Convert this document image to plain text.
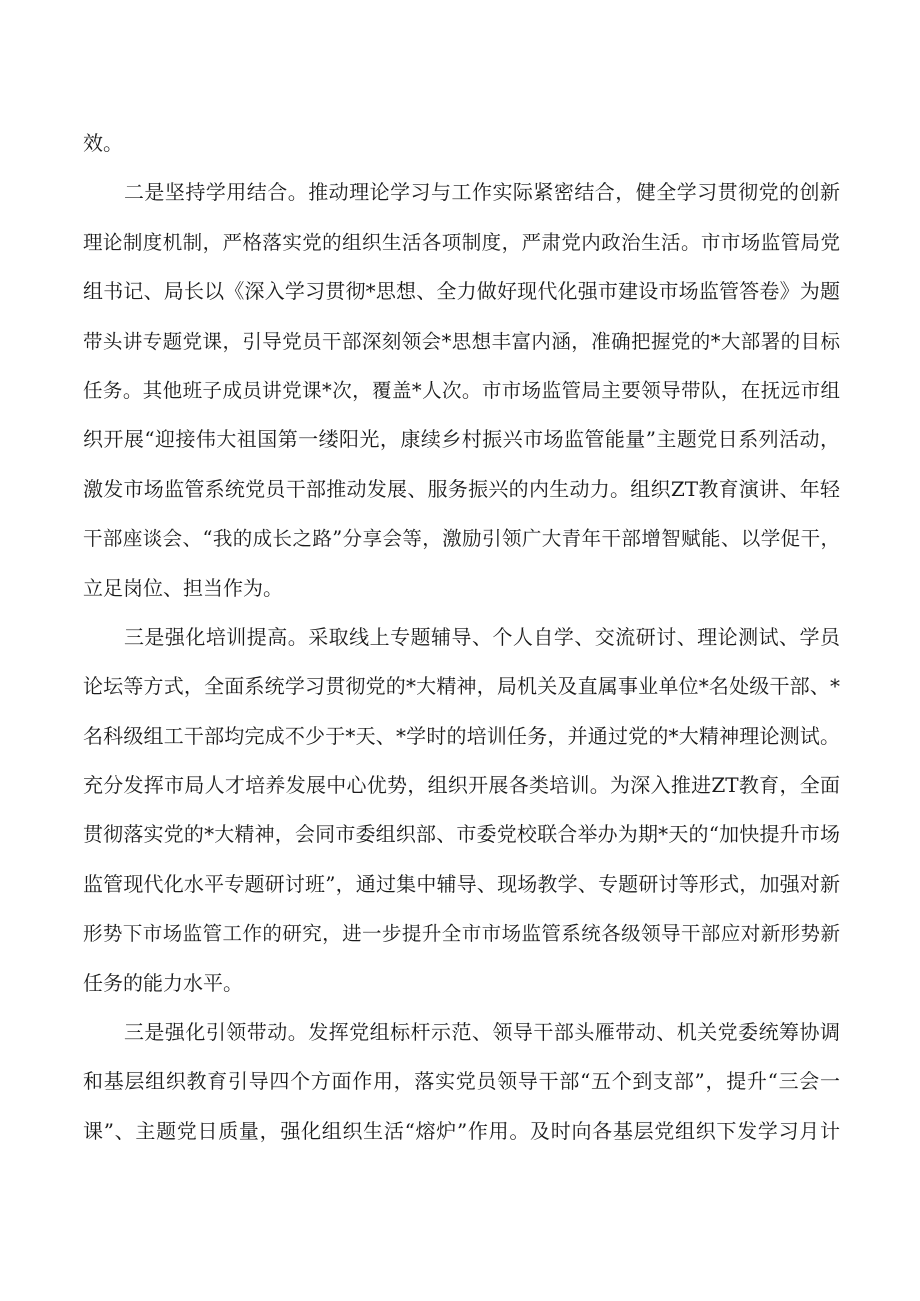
效。
　　二是坚持学用结合。推动理论学习与工作实际紧密结合，健全学习贯彻党的创新
理论制度机制，严格落实党的组织生活各项制度，严肃党内政治生活。市市场监管局党
组书记、局长以《深入学习贯彻*思想、全力做好现代化强市建设市场监管答卷》为题
带头讲专题党课，引导党员干部深刻领会*思想丰富内涵，准确把握党的*大部署的目标
任务。其他班子成员讲党课*次，覆盖*人次。市市场监管局主要领导带队，在抚远市组
织开展“迎接伟大祖国第一缕阳光，康续乡村振兴市场监管能量”主题党日系列活动，
激发市场监管系统党员干部推动发展、服务振兴的内生动力。组织ZT教育演讲、年轻
干部座谈会、“我的成长之路”分享会等，激励引领广大青年干部增智赋能、以学促干，
立足岗位、担当作为。
　　三是强化培训提高。采取线上专题辅导、个人自学、交流研讨、理论测试、学员
论坛等方式，全面系统学习贯彻党的*大精神，局机关及直属事业单位*名处级干部、*
名科级组工干部均完成不少于*天、*学时的培训任务，并通过党的*大精神理论测试。
充分发挥市局人才培养发展中心优势，组织开展各类培训。为深入推进ZT教育，全面
贯彻落实党的*大精神，会同市委组织部、市委党校联合举办为期*天的“加快提升市场
监管现代化水平专题研讨班”，通过集中辅导、现场教学、专题研讨等形式，加强对新
形势下市场监管工作的研究，进一步提升全市市场监管系统各级领导干部应对新形势新
任务的能力水平。
　　三是强化引领带动。发挥党组标杆示范、领导干部头雁带动、机关党委统筹协调
和基层组织教育引导四个方面作用，落实党员领导干部“五个到支部”，提升“三会一
课”、主题党日质量，强化组织生活“熔炉”作用。及时向各基层党组织下发学习月计
